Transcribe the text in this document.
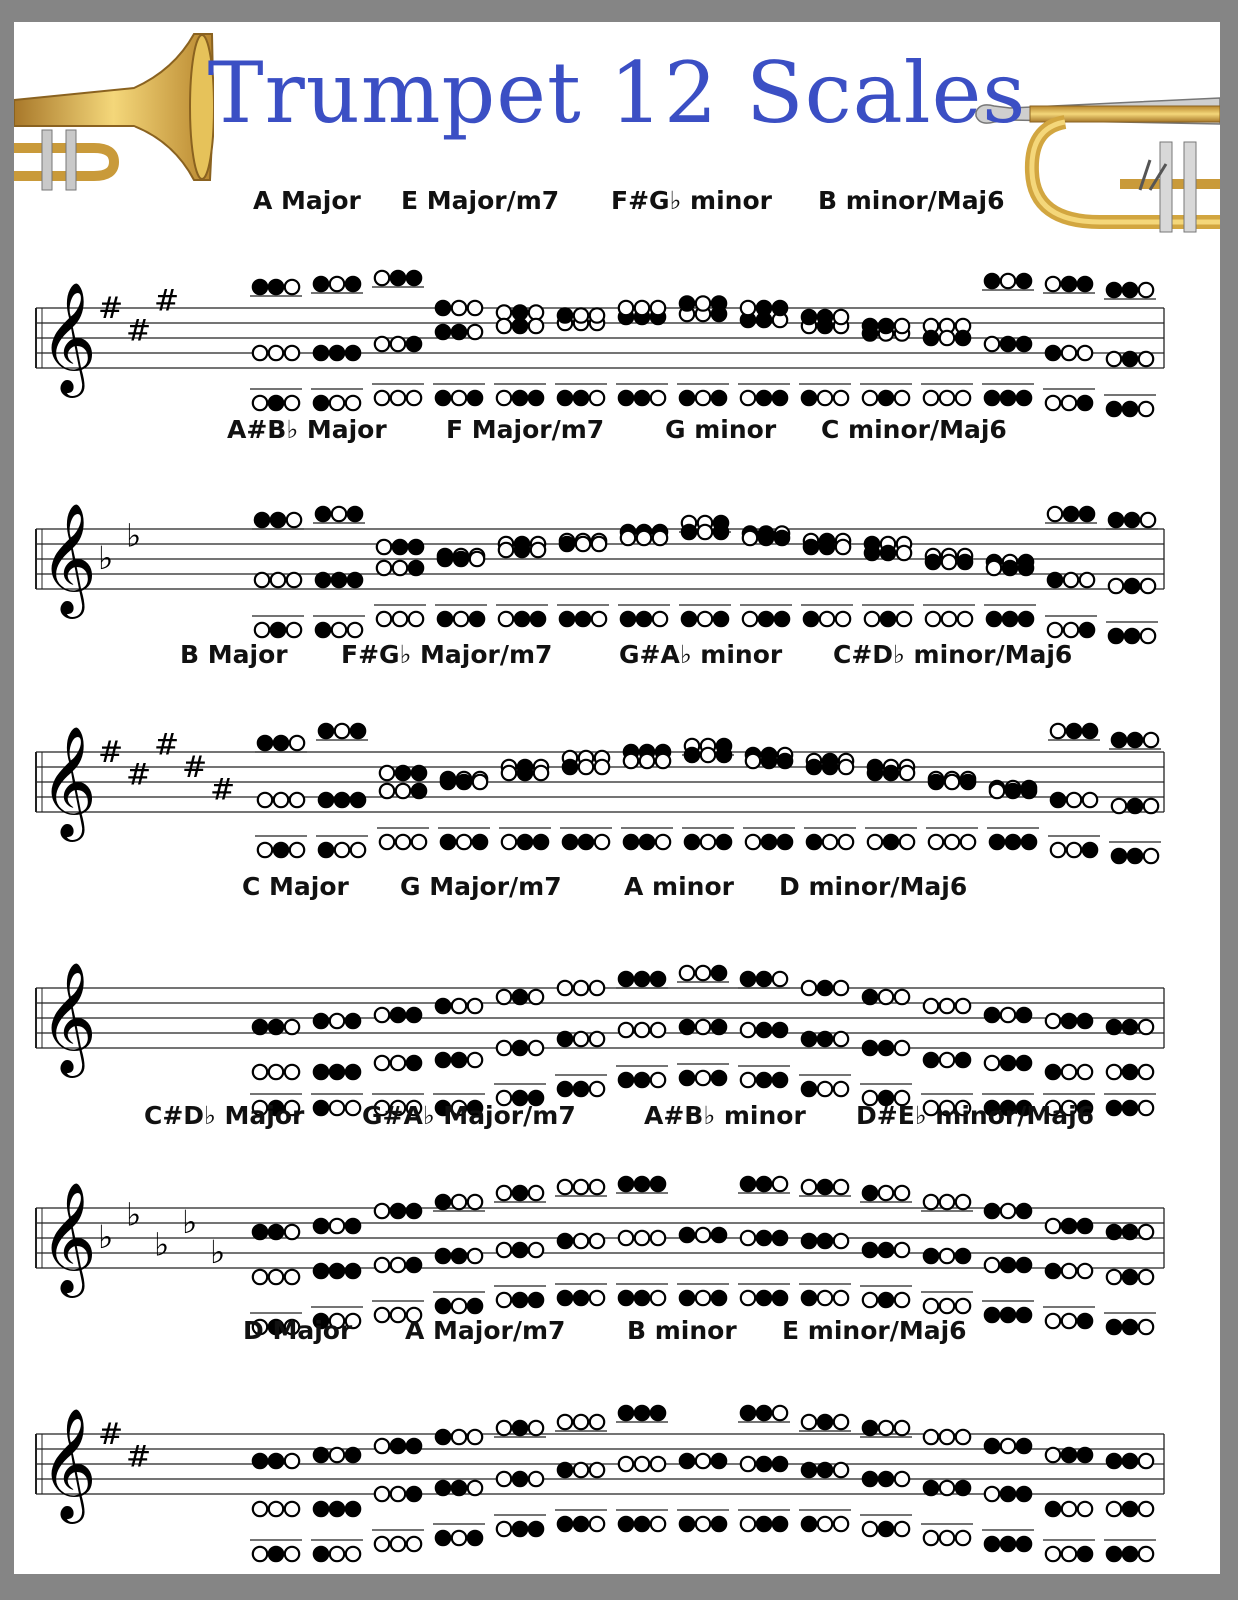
Trumpet 12 Scales
A Major E Major/m7 F#G♭ minor B minor/Maj6
𝄞 #
#
#
A#B♭ Major F Major/m7 G minor C minor/Maj6
𝄞 ♭
♭
B Major F#G♭ Major/m7	G#A♭ minor C#D♭ minor/Maj6
𝄞 #
#
#
#
#
C Major G Major/m7 A minor D minor/Maj6
𝄞
C#D♭ Major G#A♭ Major/m7	A#B♭ minor D#E♭ minor/Maj6
𝄞 ♭
♭
♭
♭
♭
D Major A Major/m7 B minor E minor/Maj6
𝄞 #
#
